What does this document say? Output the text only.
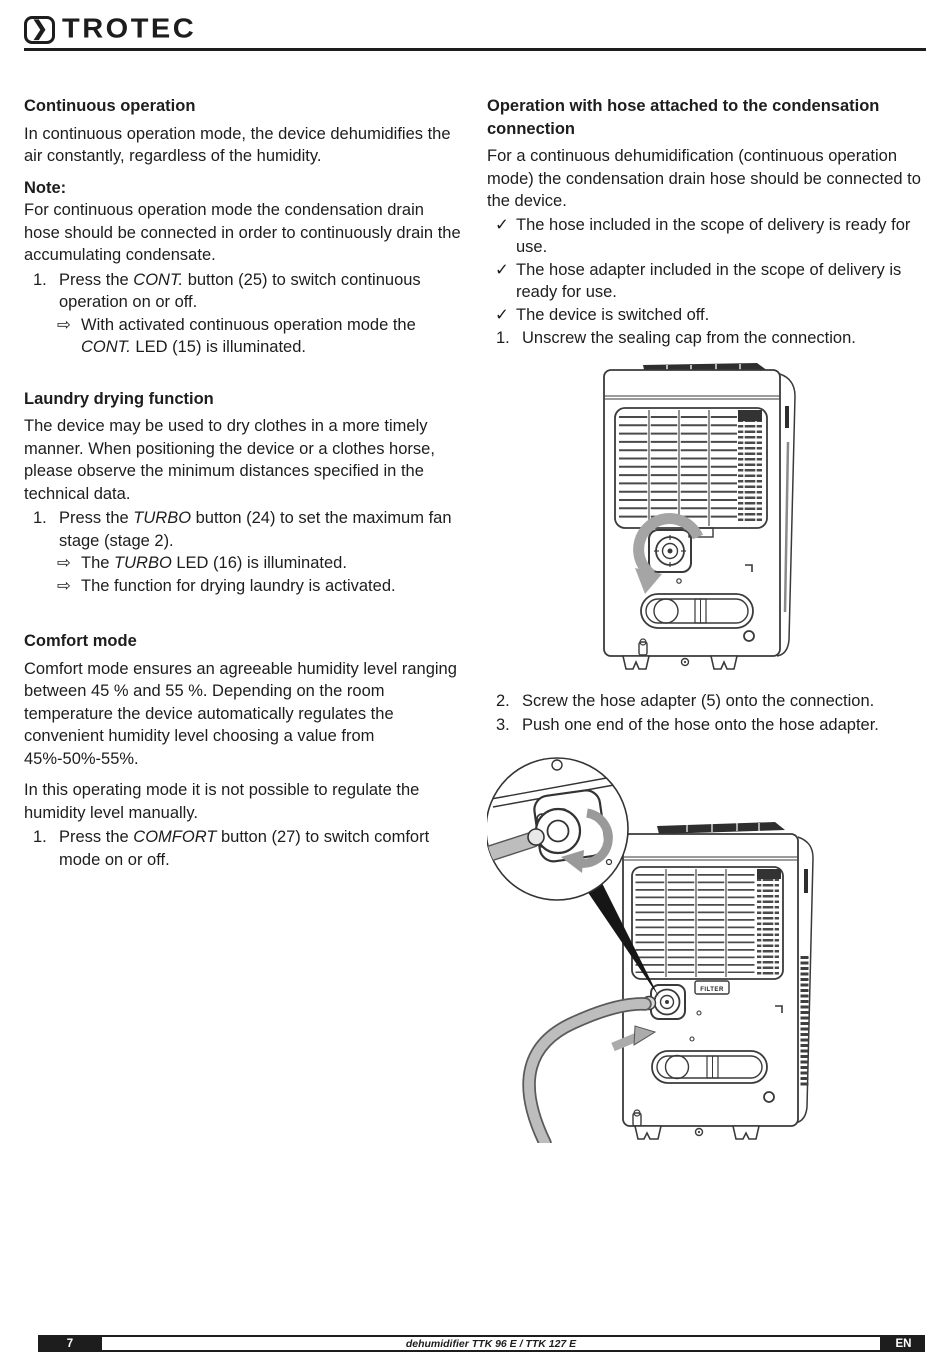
❯ TROTEC
Continuous operation

In continuous operation mode, the device dehumidifies the air constantly, regardless of the humidity.

Note:

For continuous operation mode the condensation drain hose should be connected in order to continuously drain the accumulating condensate.

1. Press the CONT. button (25) to switch continuous operation on or off.
⇨ With activated continuous operation mode the CONT. LED (15) is illuminated.
Laundry drying function

The device may be used to dry clothes in a more timely manner. When positioning the device or a clothes horse, please observe the minimum distances specified in the technical data.

1. Press the TURBO button (24) to set the maximum fan stage (stage 2).
⇨ The TURBO LED (16) is illuminated.
⇨ The function for drying laundry is activated.
Comfort mode

Comfort mode ensures an agreeable humidity level ranging between 45 % and 55 %. Depending on the room temperature the device automatically regulates the convenient humidity level choosing a value from 45%-50%-55%.

In this operating mode it is not possible to regulate the humidity level manually.

1. Press the COMFORT button (27) to switch comfort mode on or off.
Operation with hose attached to the condensation connection

For a continuous dehumidification (continuous operation mode) the condensation drain hose should be connected to the device.

✓ The hose included in the scope of delivery is ready for use.
✓ The hose adapter included in the scope of delivery is ready for use.
✓ The device is switched off.
1. Unscrew the sealing cap from the connection.
2. Screw the hose adapter (5) onto the connection.
3. Push one end of the hose onto the hose adapter.
FILTER
7	dehumidifier TTK 96 E / TTK 127 E	EN
